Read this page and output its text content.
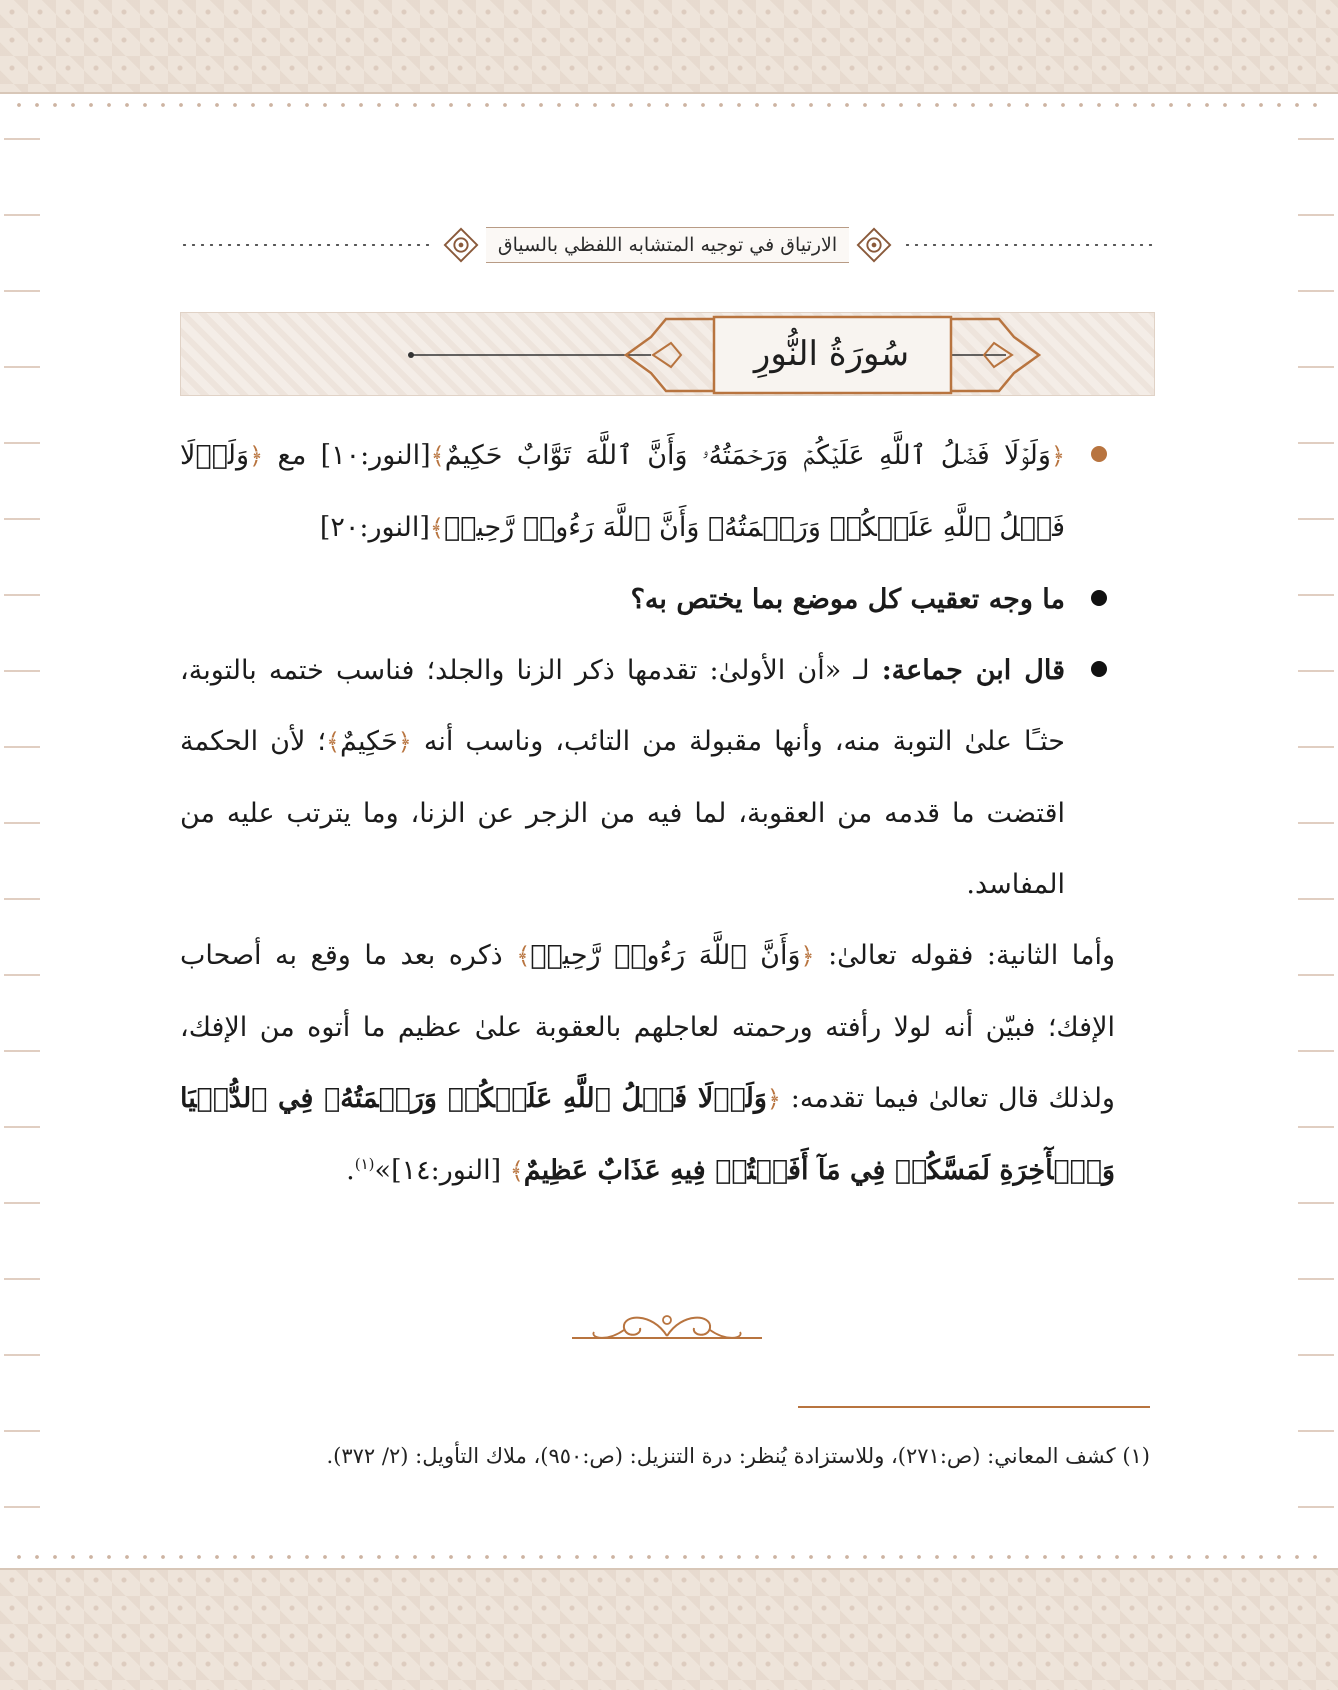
الارتياق في توجيه المتشابه اللفظي بالسياق
سُورَةُ النُّورِ
﴿وَلَوۡلَا فَضۡلُ ٱللَّهِ عَلَيۡكُمۡ وَرَحۡمَتُهُۥ وَأَنَّ ٱللَّهَ تَوَّابٌ حَكِيمٌ﴾[النور:١٠] مع ﴿وَلَوۡلَا فَضۡلُ ٱللَّهِ عَلَيۡكُمۡ وَرَحۡمَتُهُۥ وَأَنَّ ٱللَّهَ رَءُوفٞ رَّحِيمٞ﴾[النور:٢٠]
ما وجه تعقيب كل موضع بما يختص به؟
قال ابن جماعة: لـ «أن الأولىٰ: تقدمها ذكر الزنا والجلد؛ فناسب ختمه بالتوبة، حثـًا علىٰ التوبة منه، وأنها مقبولة من التائب، وناسب أنه ﴿حَكِيمٌ﴾؛ لأن الحكمة اقتضت ما قدمه من العقوبة، لما فيه من الزجر عن الزنا، وما يترتب عليه من المفاسد.
وأما الثانية: فقوله تعالىٰ: ﴿وَأَنَّ ٱللَّهَ رَءُوفٞ رَّحِيمٞ﴾ ذكره بعد ما وقع به أصحاب الإفك؛ فبيّن أنه لولا رأفته ورحمته لعاجلهم بالعقوبة علىٰ عظيم ما أتوه من الإفك، ولذلك قال تعالىٰ فيما تقدمه: ﴿وَلَوۡلَا فَضۡلُ ٱللَّهِ عَلَيۡكُمۡ وَرَحۡمَتُهُۥ فِي ٱلدُّنۡيَا وَٱلۡأٓخِرَةِ لَمَسَّكُمۡ فِي مَآ أَفَضۡتُمۡ فِيهِ عَذَابٌ عَظِيمٌ﴾ [النور:١٤]»$^{(١)}$.
(١) كشف المعاني: (ص:٢٧١)، وللاستزادة يُنظر: درة التنزيل: (ص:٩٥٠)، ملاك التأويل: (٢/ ٣٧٢).
